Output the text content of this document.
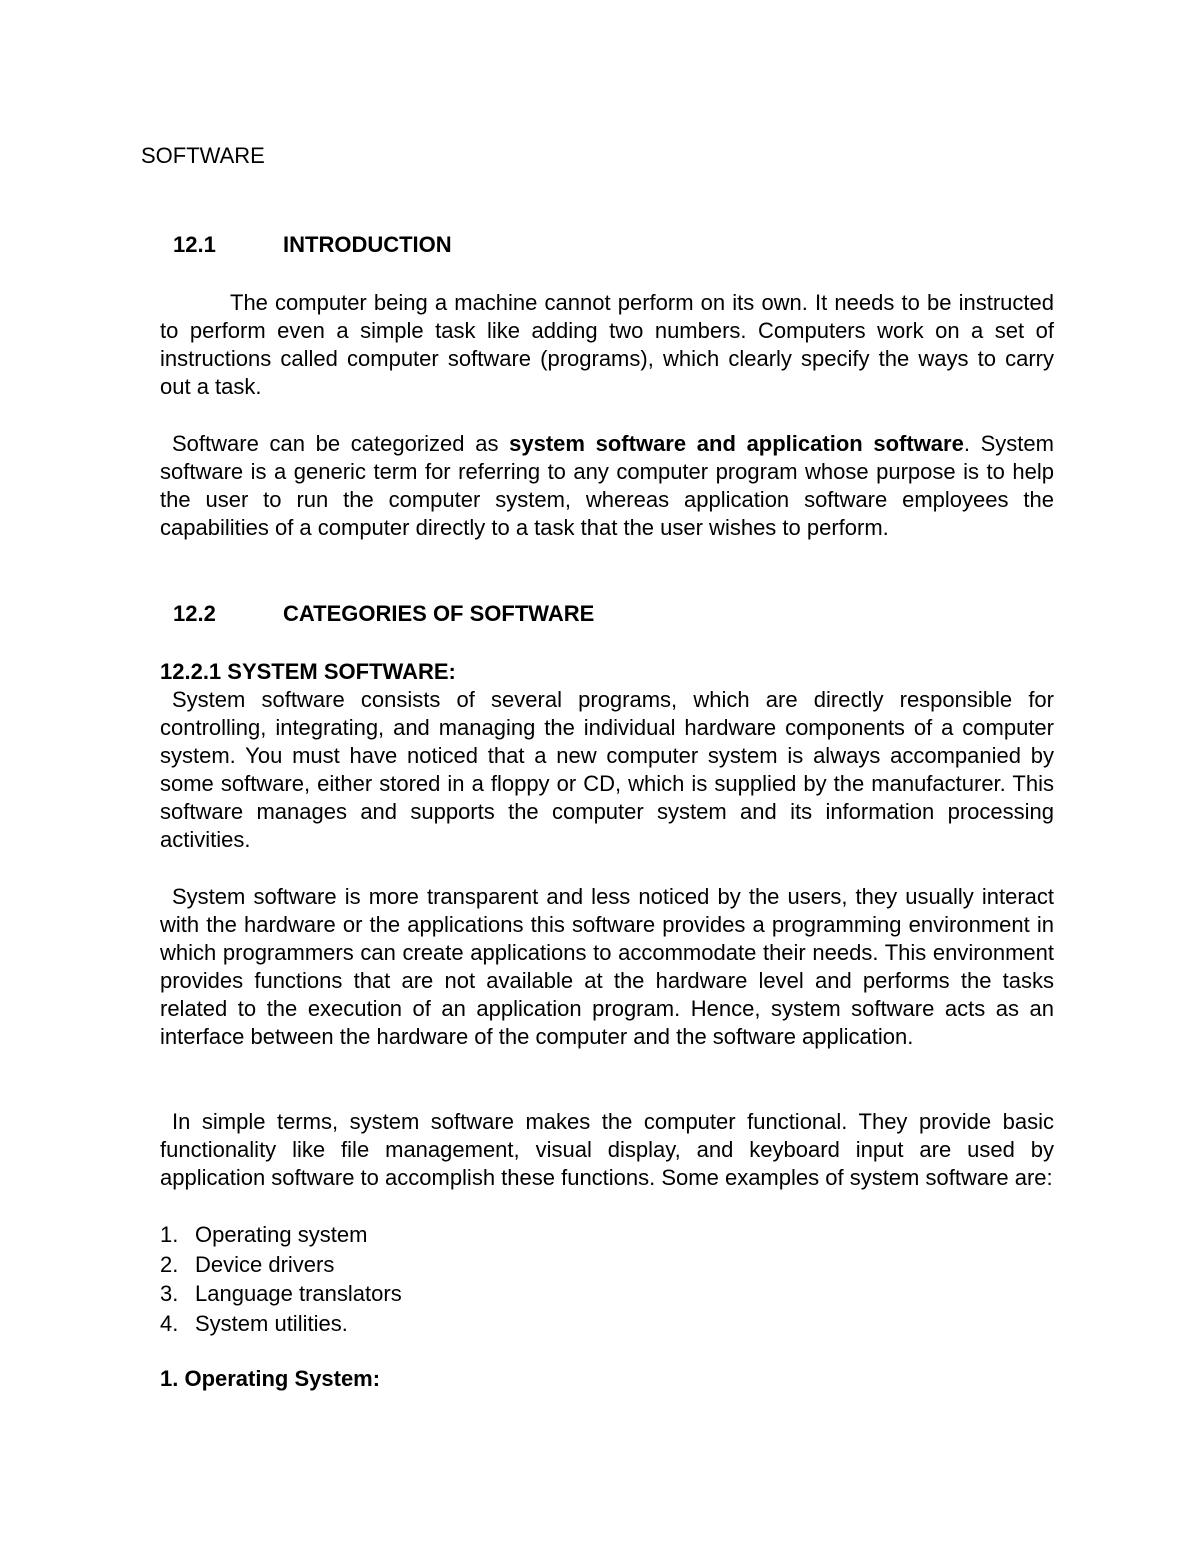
SOFTWARE
12.1	INTRODUCTION

The computer being a machine cannot perform on its own. It needs to be instructed to perform even a simple task like adding two numbers. Computers work on a set of instructions called computer software (programs), which clearly specify the ways to carry out a task.

Software can be categorized as system software and application software. System software is a generic term for referring to any computer program whose purpose is to help the user to run the computer system, whereas application software employees the capabilities of a computer directly to a task that the user wishes to perform.

12.2	CATEGORIES OF SOFTWARE
12.2.1 SYSTEM SOFTWARE:

System software consists of several programs, which are directly responsible for controlling, integrating, and managing the individual hardware components of a computer system. You must have noticed that a new computer system is always accompanied by some software, either stored in a floppy or CD, which is supplied by the manufacturer. This software manages and supports the computer system and its information processing activities.

System software is more transparent and less noticed by the users, they usually interact with the hardware or the applications this software provides a programming environment in which programmers can create applications to accommodate their needs. This environment provides functions that are not available at the hardware level and performs the tasks related to the execution of an application program. Hence, system software acts as an interface between the hardware of the computer and the software application.

In simple terms, system software makes the computer functional. They provide basic functionality like file management, visual display, and keyboard input are used by application software to accomplish these functions. Some examples of system software are:

1. Operating system
2. Device drivers
3. Language translators
4. System utilities.
1. Operating System:
